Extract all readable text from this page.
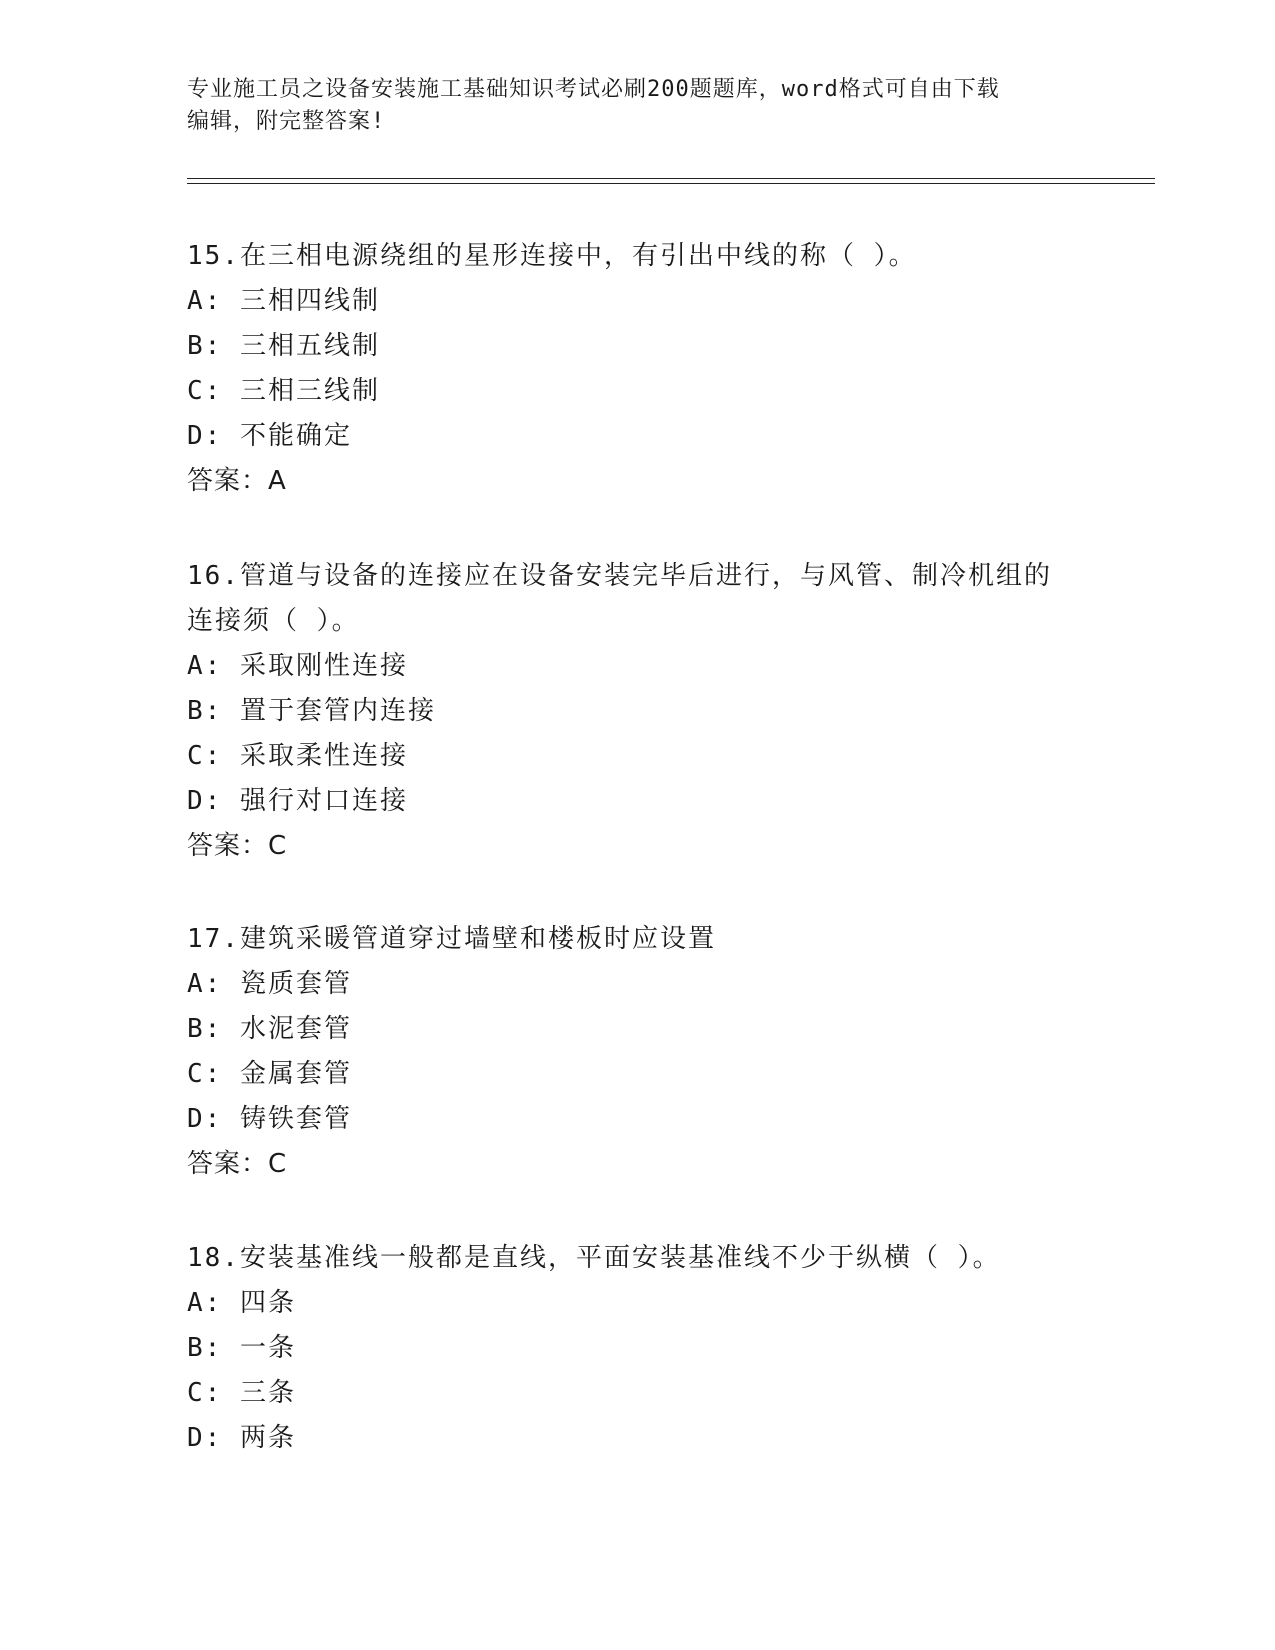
专业施工员之设备安装施工基础知识考试必刷200题题库，word格式可自由下载
编辑，附完整答案!
15.在三相电源绕组的星形连接中，有引出中线的称（ ）。
A: 三相四线制
B: 三相五线制
C: 三相三线制
D: 不能确定
答案：A
16.管道与设备的连接应在设备安装完毕后进行，与风管、制冷机组的
连接须（ ）。
A: 采取刚性连接
B: 置于套管内连接
C: 采取柔性连接
D: 强行对口连接
答案：C
17.建筑采暖管道穿过墙壁和楼板时应设置
A: 瓷质套管
B: 水泥套管
C: 金属套管
D: 铸铁套管
答案：C
18.安装基准线一般都是直线，平面安装基准线不少于纵横（ ）。
A: 四条
B: 一条
C: 三条
D: 两条
